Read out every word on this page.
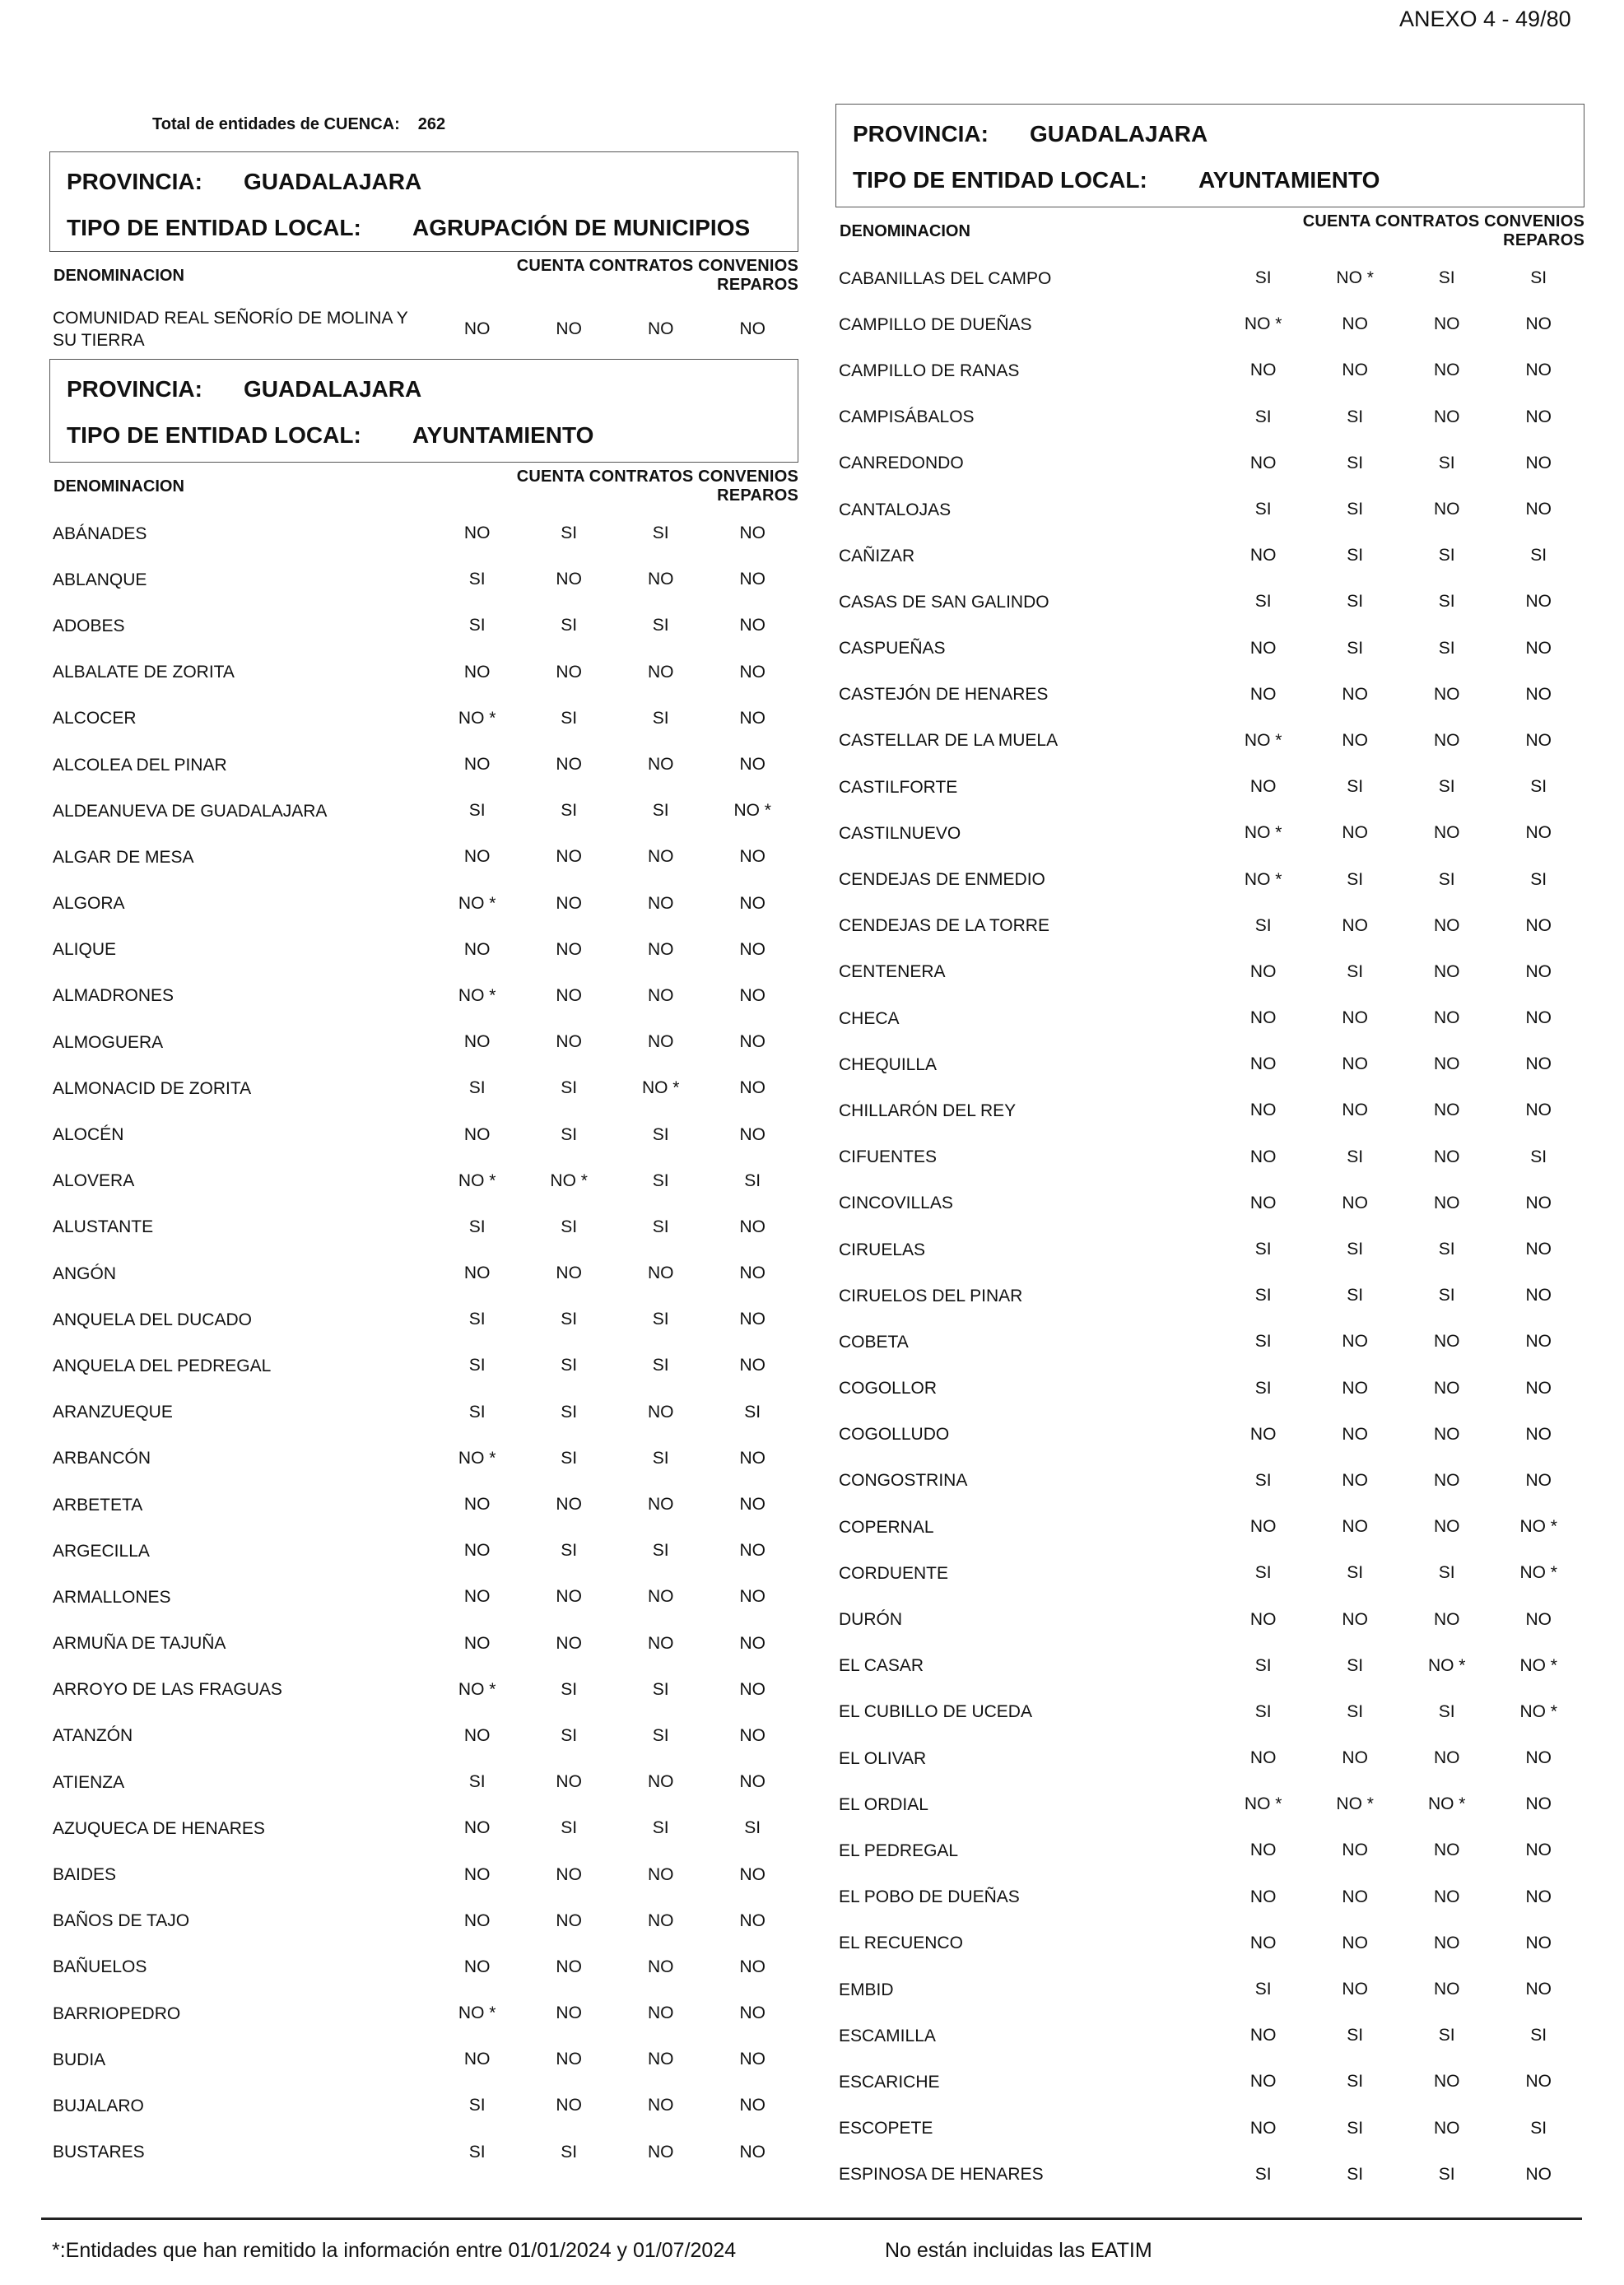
ANEXO 4 - 49/80
Total de entidades de CUENCA: 262
PROVINCIA:	GUADALAJARA
TIPO DE ENTIDAD LOCAL:	AGRUPACIÓN DE MUNICIPIOS
DENOMINACION
CUENTA CONTRATOS CONVENIOS REPAROS
COMUNIDAD REAL SEÑORÍO DE MOLINA Y SU TIERRA
NO	NO	NO	NO
PROVINCIA:	GUADALAJARA
TIPO DE ENTIDAD LOCAL:	AYUNTAMIENTO
DENOMINACION
CUENTA CONTRATOS CONVENIOS REPAROS
ABÁNADES	NO	SI	SI	NO
ABLANQUE	SI	NO	NO	NO
ADOBES	SI	SI	SI	NO
ALBALATE DE ZORITA	NO	NO	NO	NO
ALCOCER	NO *	SI	SI	NO
ALCOLEA DEL PINAR	NO	NO	NO	NO
ALDEANUEVA DE GUADALAJARA	SI	SI	SI	NO *
ALGAR DE MESA	NO	NO	NO	NO
ALGORA	NO *	NO	NO	NO
ALIQUE	NO	NO	NO	NO
ALMADRONES	NO *	NO	NO	NO
ALMOGUERA	NO	NO	NO	NO
ALMONACID DE ZORITA	SI	SI	NO *	NO
ALOCÉN	NO	SI	SI	NO
ALOVERA	NO *	NO *	SI	SI
ALUSTANTE	SI	SI	SI	NO
ANGÓN	NO	NO	NO	NO
ANQUELA DEL DUCADO	SI	SI	SI	NO
ANQUELA DEL PEDREGAL	SI	SI	SI	NO
ARANZUEQUE	SI	SI	NO	SI
ARBANCÓN	NO *	SI	SI	NO
ARBETETA	NO	NO	NO	NO
ARGECILLA	NO	SI	SI	NO
ARMALLONES	NO	NO	NO	NO
ARMUÑA DE TAJUÑA	NO	NO	NO	NO
ARROYO DE LAS FRAGUAS	NO *	SI	SI	NO
ATANZÓN	NO	SI	SI	NO
ATIENZA	SI	NO	NO	NO
AZUQUECA DE HENARES	NO	SI	SI	SI
BAIDES	NO	NO	NO	NO
BAÑOS DE TAJO	NO	NO	NO	NO
BAÑUELOS	NO	NO	NO	NO
BARRIOPEDRO	NO *	NO	NO	NO
BUDIA	NO	NO	NO	NO
BUJALARO	SI	NO	NO	NO
BUSTARES	SI	SI	NO	NO
PROVINCIA:	GUADALAJARA
TIPO DE ENTIDAD LOCAL:	AYUNTAMIENTO
DENOMINACION
CUENTA CONTRATOS CONVENIOS REPAROS
CABANILLAS DEL CAMPO	SI	NO *	SI	SI
CAMPILLO DE DUEÑAS	NO *	NO	NO	NO
CAMPILLO DE RANAS	NO	NO	NO	NO
CAMPISÁBALOS	SI	SI	NO	NO
CANREDONDO	NO	SI	SI	NO
CANTALOJAS	SI	SI	NO	NO
CAÑIZAR	NO	SI	SI	SI
CASAS DE SAN GALINDO	SI	SI	SI	NO
CASPUEÑAS	NO	SI	SI	NO
CASTEJÓN DE HENARES	NO	NO	NO	NO
CASTELLAR DE LA MUELA	NO *	NO	NO	NO
CASTILFORTE	NO	SI	SI	SI
CASTILNUEVO	NO *	NO	NO	NO
CENDEJAS DE ENMEDIO	NO *	SI	SI	SI
CENDEJAS DE LA TORRE	SI	NO	NO	NO
CENTENERA	NO	SI	NO	NO
CHECA	NO	NO	NO	NO
CHEQUILLA	NO	NO	NO	NO
CHILLARÓN DEL REY	NO	NO	NO	NO
CIFUENTES	NO	SI	NO	SI
CINCOVILLAS	NO	NO	NO	NO
CIRUELAS	SI	SI	SI	NO
CIRUELOS DEL PINAR	SI	SI	SI	NO
COBETA	SI	NO	NO	NO
COGOLLOR	SI	NO	NO	NO
COGOLLUDO	NO	NO	NO	NO
CONGOSTRINA	SI	NO	NO	NO
COPERNAL	NO	NO	NO	NO *
CORDUENTE	SI	SI	SI	NO *
DURÓN	NO	NO	NO	NO
EL CASAR	SI	SI	NO *	NO *
EL CUBILLO DE UCEDA	SI	SI	SI	NO *
EL OLIVAR	NO	NO	NO	NO
EL ORDIAL	NO *	NO *	NO *	NO
EL PEDREGAL	NO	NO	NO	NO
EL POBO DE DUEÑAS	NO	NO	NO	NO
EL RECUENCO	NO	NO	NO	NO
EMBID	SI	NO	NO	NO
ESCAMILLA	NO	SI	SI	SI
ESCARICHE	NO	SI	NO	NO
ESCOPETE	NO	SI	NO	SI
ESPINOSA DE HENARES	SI	SI	SI	NO
*:Entidades que han remitido la información entre 01/01/2024 y 01/07/2024	No están incluidas las EATIM
